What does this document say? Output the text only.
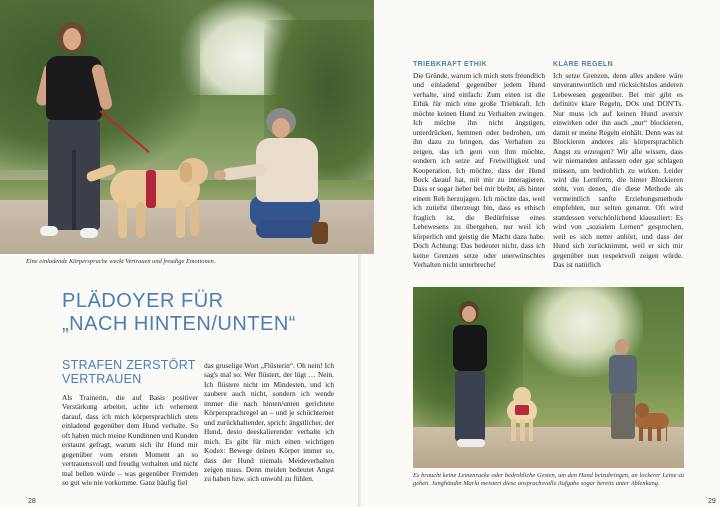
Eine einladende Körpersprache weckt Vertrauen und freudige Emotionen.

PLÄDOYER FÜR
„NACH HINTEN/UNTEN“
STRAFEN ZERSTÖRT
VERTRAUEN

Als Trainerin, die auf Basis positiver Verstärkung arbeitet, achte ich vehement darauf, dass ich mich körpersprachlich stets einladend gegenüber dem Hund verhalte. So oft haben mich meine Kundinnen und Kunden erstaunt gefragt, warum sich ihr Hund mir gegenüber vom ersten Moment an so vertrauensvoll und freudig verhalten und nicht mal bellen würde – was gegenüber Fremden so gut wie nie vorkomme. Ganz häufig fiel

das gruselige Wort „Flüsterin“. Oh nein! Ich sag's mal so: Wer flüstert, der lügt … Nein. Ich flüstere nicht im Mindesten, und ich zaubere auch nicht, sondern ich wende immer die nach hinten/unten gerichtete Körpersprachregel an – und je schüchterner und zurückhaltender, sprich: ängstlicher, der Hund, desto deeskalierender verhalte ich mich. Es gibt für mich einen wichtigen Kodex: Bewege deinen Körper immer so, dass der Hund niemals Meideverhalten zeigen muss. Denn meiden bedeutet Angst zu haben bzw. sich unwohl zu fühlen.

28
TRIEBKRAFT ETHIK

Die Gründe, warum ich mich stets freundlich und einladend gegenüber jedem Hund verhalte, sind einfach: Zum einen ist die Ethik für mich eine große Triebkraft. Ich möchte keinen Hund zu Verhalten zwingen. Ich möchte ihn nicht ängstigen, unterdrücken, hemmen oder bedrohen, um ihn dazu zu bringen, das Verhalten zu zeigen, das ich gern von ihm möchte, sondern ich setze auf Freiwilligkeit und Kooperation. Ich möchte, dass der Hund Bock darauf hat, mit mir zu interagieren. Dass er sogar lieber bei mir bleibt, als hinter einem Reh herzujagen. Ich möchte das, weil ich zutiefst überzeugt bin, dass es ethisch fraglich ist, die Bedürfnisse eines Lebewesens zu übergehen, nur weil ich körperlich und geistig die Macht dazu habe. Doch Achtung: Das bedeutet nicht, dass ich keine Grenzen setze oder unerwünschtes Verhalten nicht unterbreche!

KLARE REGELN

Ich setze Grenzen, denn alles andere wäre unverantwortlich und rücksichtslos anderen Lebewesen gegenüber. Bei mir gibt es definitiv klare Regeln, DOs und DON'Ts. Nur muss ich auf keinen Hund aversiv einwirken oder ihn auch „nur“ blockieren, damit er meine Regeln einhält. Denn was ist Blockieren anderes als körpersprachlich Angst zu erzeugen? Wir alle wissen, dass wir niemanden anfassen oder gar schlagen müssen, um bedrohlich zu wirken. Leider wird die Lernform, die hinter Blockieren steht, von denen, die diese Methode als vermeintlich sanfte Erziehungsmethode empfehlen, nur selten genannt. Oft wird stattdessen verschönlichend klausuliert: Es wird von „sozialem Lernen“ gesprochen, weil es sich netter anhört, und dass der Hund sich zurücknimmt, weil er sich mir gegenüber nun respektvoll zeigen würde. Das ist natürlich

Es braucht keine Leinenrucke oder bedrohliche Gesten, um den Hund beizubringen, an lockerer Leine zu gehen. Junghündin Marla meistert diese anspruchsvolle Aufgabe sogar bereits unter Ablenkung.

29
